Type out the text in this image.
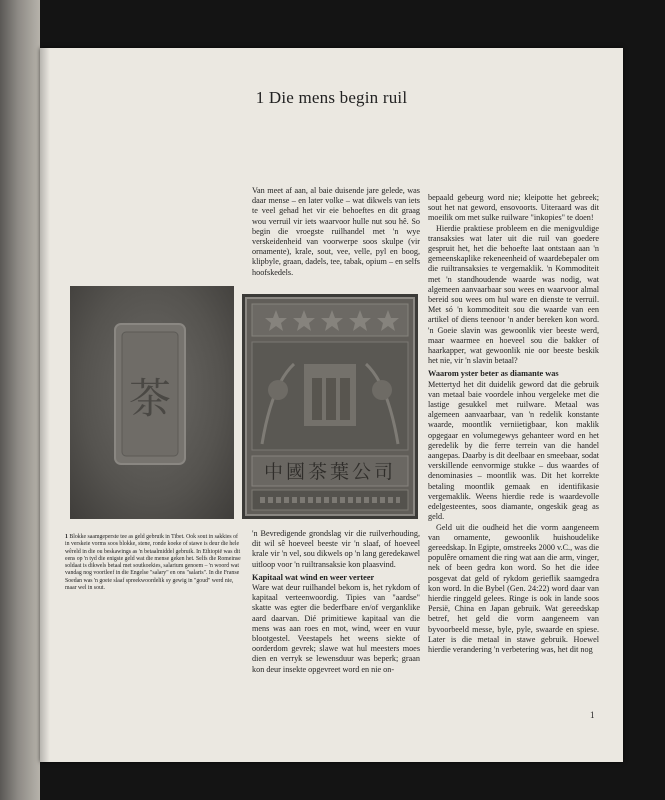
1 Die mens begin ruil

Van meet af aan, al baie duisende jare gelede, was daar mense – en later volke – wat dikwels van iets te veel gehad het vir eie behoeftes en dit graag wou verruil vir iets waarvoor hulle nut sou hê. So begin die vroegste ruilhandel met 'n wye verskeidenheid van voorwerpe soos skulpe (vir ornamente), krale, sout, vee, velle, pyl en boog, klipbyle, graan, dadels, tee, tabak, opium – en selfs hoofskedels.

bepaald gebeurg word nie; kleipotte het gebreek; sout het nat geword, ensovoorts. Uiteraard was dit moeilik om met sulke ruilware "inkopies" te doen!

Hierdie praktiese probleem en die menigvuldige transaksies wat later uit die ruil van goedere gespruit het, het die behoefte laat ontstaan aan 'n gemeenskaplike rekeneenheid of waardebepaler om die ruiltransaksies te vergemaklik. 'n Kommoditeit met 'n standhoudende waarde was nodig, wat algemeen aanvaarbaar sou wees en waarvoor almal bereid sou wees om hul ware en dienste te verruil. Met só 'n kommoditeit sou die waarde van een artikel of diens teenoor 'n ander bereken kon word. 'n Goeie slavin was gewoonlik vier beeste werd, maar waarmee en hoeveel sou die bakker of haarkapper, wat gewoonlik nie oor beeste beskik het nie, vir 'n slavin betaal?

Waarom yster beter as diamante was

Mettertyd het dit duidelik geword dat die gebruik van metaal baie voordele inhou vergeleke met die lastige gesukkel met ruilware. Metaal was algemeen aanvaarbaar, van 'n redelik konstante waarde, moontlik verniietigbaar, kon maklik opgegaar en volumegewys gehanteer word en het geredelik by die ferre terrein van die handel aangepas. Daarby is dit deelbaar en smeebaar, sodat verskillende eenvormige stukke – dus waardes of denominasies – moontlik was. Dit het korrekte betaling moontlik gemaak en identifikasie vergemaklik. Weens hierdie rede is waardevolle edelgesteentes, soos diamante, ongeskik geag as geld.

Geld uit die oudheid het die vorm aangeneem van ornamente, gewoonlik huishoudelike gereedskap. In Egipte, omstreeks 2000 v.C., was die populêre ornament die ring wat aan die arm, vinger, nek of been gedra kon word. So het die idee posgevat dat geld of rykdom gerieflik saamgedra kon word. In die Bybel (Gen. 24:22) word daar van hierdie ringgeld gelees. Ringe is ook in lande soos Persië, China en Japan gebruik. Wat gereedskap betref, het geld die vorm aangeneem van byvoorbeeld messe, byle, pyle, swaarde en spiese. Later is die metaal in stawe gebruik. Hoewel hierdie verandering 'n verbetering was, het dit nog

茶
中國茶葉公司
1 Blokke saamgeperste tee as geld gebruik in Tibet. Ook sout in sakkies of in verskeie vorms soos blokke, stene, ronde koeke of stawe is deur die hele wêreld in die ou beskawings as 'n betaalmiddel gebruik. In Ethiopië was dit eens op 'n tyd die enigste geld wat die mense geken het. Selfs die Romeinse soldaat is dikwels betaal met soutkoekies, salarium genoem – 'n woord wat vandag nog voortleef in die Engelse "salary" en ons "salaris". In die Franse Soedan was 'n goeie slaaf spreekwoordelik sy gewig in "goud" werd nie, maar wel in sout.

'n Bevredigende grondslag vir die ruilverhouding, dit wil sê hoeveel beeste vir 'n slaaf, of hoeveel krale vir 'n vel, sou dikwels op 'n lang geredekawel uitloop voor 'n ruiltransaksie kon plaasvind.

Kapitaal wat wind en weer verteer

Ware wat deur ruilhandel bekom is, het rykdom of kapitaal verteenwoordig. Tipies van "aardse" skatte was egter die bederfbare en/of verganklike aard daarvan. Dié primitiewe kapitaal van die mens was aan roes en mot, wind, weer en vuur blootgestel. Veestapels het weens siekte of oorderdom gevrek; slawe wat hul meesters moes dien en verryk se lewensduur was beperk; graan kon deur insekte opgevreet word en nie on-

1
